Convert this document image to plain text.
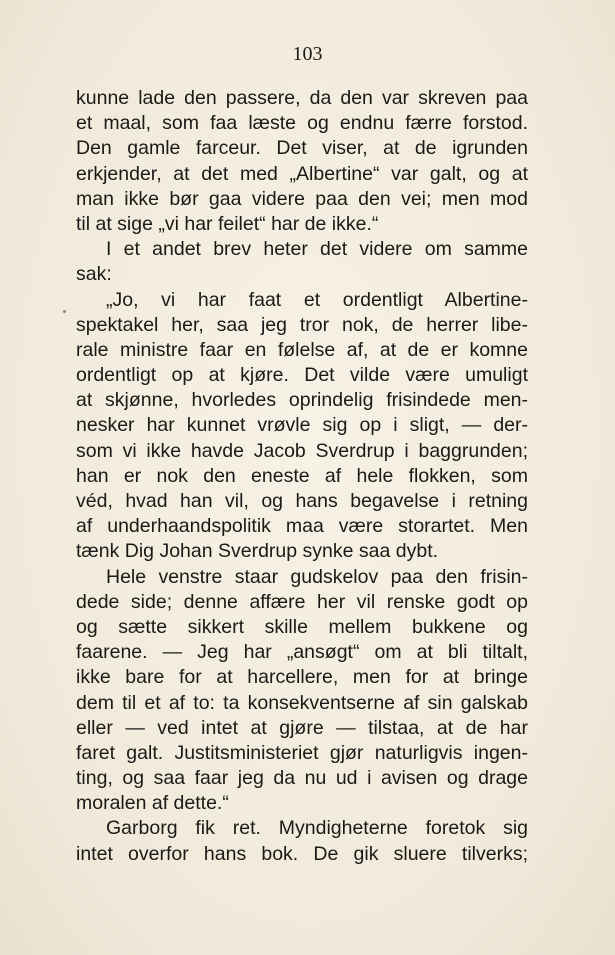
103
kunne lade den passere, da den var skreven paa
et maal, som faa læste og endnu færre forstod.
Den gamle farceur. Det viser, at de igrunden
erkjender, at det med „Albertine“ var galt, og at
man ikke bør gaa videre paa den vei; men mod
til at sige „vi har feilet“ har de ikke.“
I et andet brev heter det videre om samme
sak:
„Jo, vi har faat et ordentligt Albertine-
spektakel her, saa jeg tror nok, de herrer libe-
rale ministre faar en følelse af, at de er komne
ordentligt op at kjøre. Det vilde være umuligt
at skjønne, hvorledes oprindelig frisindede men-
nesker har kunnet vrøvle sig op i sligt, — der-
som vi ikke havde Jacob Sverdrup i baggrunden;
han er nok den eneste af hele flokken, som
véd, hvad han vil, og hans begavelse i retning
af underhaandspolitik maa være storartet. Men
tænk Dig Johan Sverdrup synke saa dybt.
Hele venstre staar gudskelov paa den frisin-
dede side; denne affære her vil renske godt op
og sætte sikkert skille mellem bukkene og
faarene. — Jeg har „ansøgt“ om at bli tiltalt,
ikke bare for at harcellere, men for at bringe
dem til et af to: ta konsekventserne af sin galskab
eller — ved intet at gjøre — tilstaa, at de har
faret galt. Justitsministeriet gjør naturligvis ingen-
ting, og saa faar jeg da nu ud i avisen og drage
moralen af dette.“
Garborg fik ret. Myndigheterne foretok sig
intet overfor hans bok. De gik sluere tilverks;
